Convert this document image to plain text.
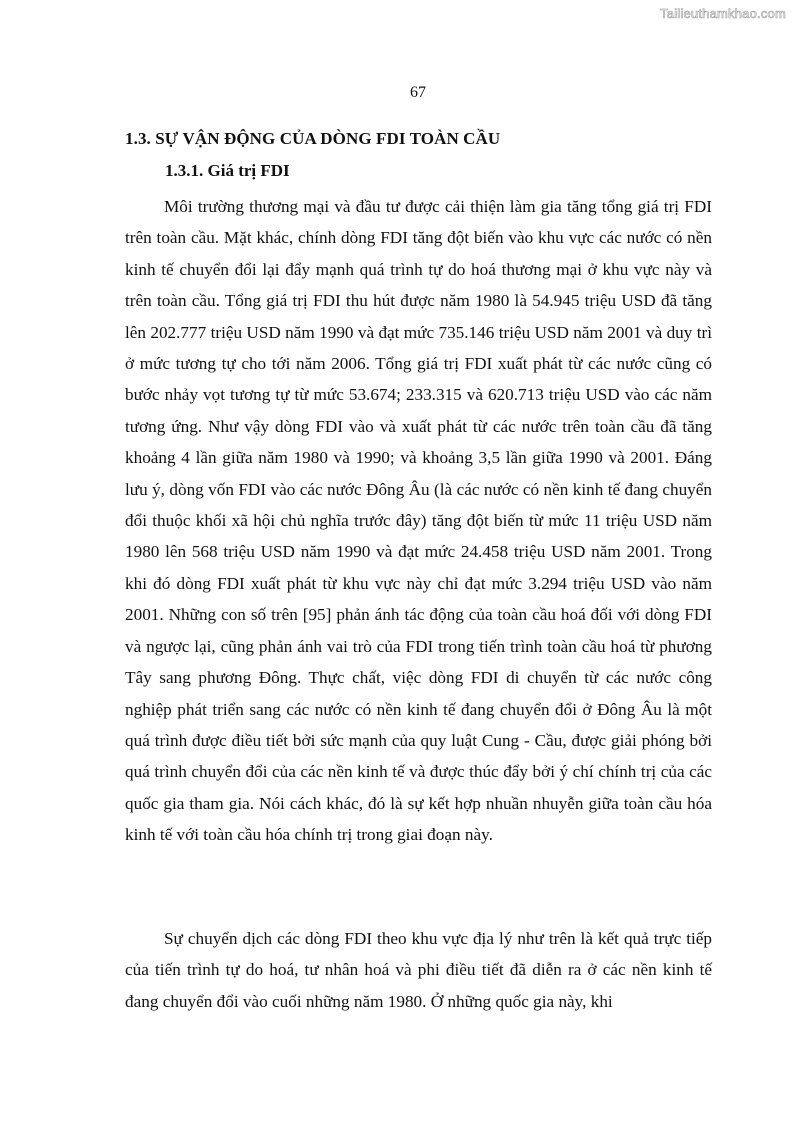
Tailieuthamkhao.com
67
1.3. SỰ VẬN ĐỘNG CỦA DÒNG FDI TOÀN CẦU
1.3.1. Giá trị FDI

Môi trường thương mại và đầu tư được cải thiện làm gia tăng tổng giá trị FDI trên toàn cầu. Mặt khác, chính dòng FDI tăng đột biến vào khu vực các nước có nền kinh tế chuyển đổi lại đẩy mạnh quá trình tự do hoá thương mại ở khu vực này và trên toàn cầu. Tổng giá trị FDI thu hút được năm 1980 là 54.945 triệu USD đã tăng lên 202.777 triệu USD năm 1990 và đạt mức 735.146 triệu USD năm 2001 và duy trì ở mức tương tự cho tới năm 2006. Tổng giá trị FDI xuất phát từ các nước cũng có bước nhảy vọt tương tự từ mức 53.674; 233.315 và 620.713 triệu USD vào các năm tương ứng. Như vậy dòng FDI vào và xuất phát từ các nước trên toàn cầu đã tăng khoảng 4 lần giữa năm 1980 và 1990; và khoảng 3,5 lần giữa 1990 và 2001. Đáng lưu ý, dòng vốn FDI vào các nước Đông Âu (là các nước có nền kinh tế đang chuyển đổi thuộc khối xã hội chủ nghĩa trước đây) tăng đột biến từ mức 11 triệu USD năm 1980 lên 568 triệu USD năm 1990 và đạt mức 24.458 triệu USD năm 2001. Trong khi đó dòng FDI xuất phát từ khu vực này chỉ đạt mức 3.294 triệu USD vào năm 2001. Những con số trên [95] phản ánh tác động của toàn cầu hoá đối với dòng FDI và ngược lại, cũng phản ánh vai trò của FDI trong tiến trình toàn cầu hoá từ phương Tây sang phương Đông. Thực chất, việc dòng FDI di chuyển từ các nước công nghiệp phát triển sang các nước có nền kinh tế đang chuyển đổi ở Đông Âu là một quá trình được điều tiết bởi sức mạnh của quy luật Cung - Cầu, được giải phóng bởi quá trình chuyển đổi của các nền kinh tế và được thúc đẩy bởi ý chí chính trị của các quốc gia tham gia. Nói cách khác, đó là sự kết hợp nhuần nhuyễn giữa toàn cầu hóa kinh tế với toàn cầu hóa chính trị trong giai đoạn này.

Sự chuyển dịch các dòng FDI theo khu vực địa lý như trên là kết quả trực tiếp của tiến trình tự do hoá, tư nhân hoá và phi điều tiết đã diễn ra ở các nền kinh tế đang chuyển đổi vào cuối những năm 1980. Ở những quốc gia này, khi
